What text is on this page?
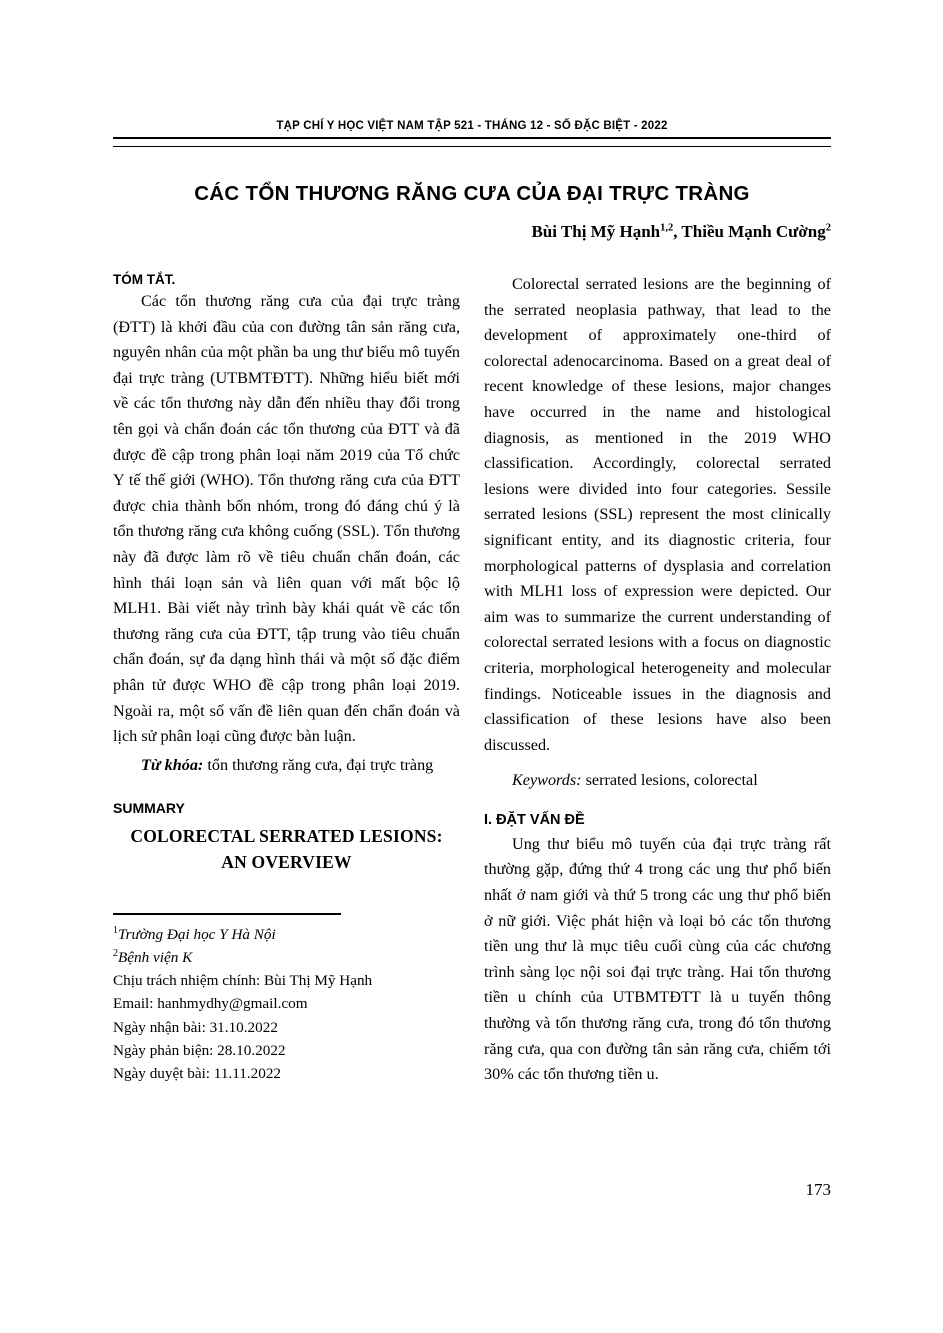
TẠP CHÍ Y HỌC VIỆT NAM TẬP 521 - THÁNG 12 - SỐ ĐẶC BIỆT - 2022
CÁC TỔN THƯƠNG RĂNG CƯA CỦA ĐẠI TRỰC TRÀNG
Bùi Thị Mỹ Hạnh$^{1,2}$, Thiều Mạnh Cường$^2$
TÓM TẮT.

Các tổn thương răng cưa của đại trực tràng (ĐTT) là khởi đầu của con đường tân sản răng cưa, nguyên nhân của một phần ba ung thư biểu mô tuyến đại trực tràng (UTBMTĐTT). Những hiểu biết mới về các tổn thương này dẫn đến nhiều thay đổi trong tên gọi và chẩn đoán các tổn thương của ĐTT và đã được đề cập trong phân loại năm 2019 của Tổ chức Y tế thế giới (WHO). Tổn thương răng cưa của ĐTT được chia thành bốn nhóm, trong đó đáng chú ý là tổn thương răng cưa không cuống (SSL). Tổn thương này đã được làm rõ về tiêu chuẩn chẩn đoán, các hình thái loạn sản và liên quan với mất bộc lộ MLH1. Bài viết này trình bày khái quát về các tổn thương răng cưa của ĐTT, tập trung vào tiêu chuẩn chẩn đoán, sự đa dạng hình thái và một số đặc điểm phân tử được WHO đề cập trong phân loại 2019. Ngoài ra, một số vấn đề liên quan đến chẩn đoán và lịch sử phân loại cũng được bàn luận.

Từ khóa: tổn thương răng cưa, đại trực tràng

SUMMARY
COLORECTAL SERRATED LESIONS:
AN OVERVIEW
$^1$Trường Đại học Y Hà Nội
$^2$Bệnh viện K
Chịu trách nhiệm chính: Bùi Thị Mỹ Hạnh
Email: hanhmydhy@gmail.com
Ngày nhận bài: 31.10.2022
Ngày phản biện: 28.10.2022
Ngày duyệt bài: 11.11.2022

Colorectal serrated lesions are the beginning of the serrated neoplasia pathway, that lead to the development of approximately one-third of colorectal adenocarcinoma. Based on a great deal of recent knowledge of these lesions, major changes have occurred in the name and histological diagnosis, as mentioned in the 2019 WHO classification. Accordingly, colorectal serrated lesions were divided into four categories. Sessile serrated lesions (SSL) represent the most clinically significant entity, and its diagnostic criteria, four morphological patterns of dysplasia and correlation with MLH1 loss of expression were depicted. Our aim was to summarize the current understanding of colorectal serrated lesions with a focus on diagnostic criteria, morphological heterogeneity and molecular findings. Noticeable issues in the diagnosis and classification of these lesions have also been discussed.

Keywords: serrated lesions, colorectal

I. ĐẶT VẤN ĐỀ

Ung thư biểu mô tuyến của đại trực tràng rất thường gặp, đứng thứ 4 trong các ung thư phổ biến nhất ở nam giới và thứ 5 trong các ung thư phổ biến ở nữ giới. Việc phát hiện và loại bỏ các tổn thương tiền ung thư là mục tiêu cuối cùng của các chương trình sàng lọc nội soi đại trực tràng. Hai tổn thương tiền u chính của UTBMTĐTT là u tuyến thông thường và tổn thương răng cưa, trong đó tổn thương răng cưa, qua con đường tân sản răng cưa, chiếm tới 30% các tổn thương tiền u.

173
